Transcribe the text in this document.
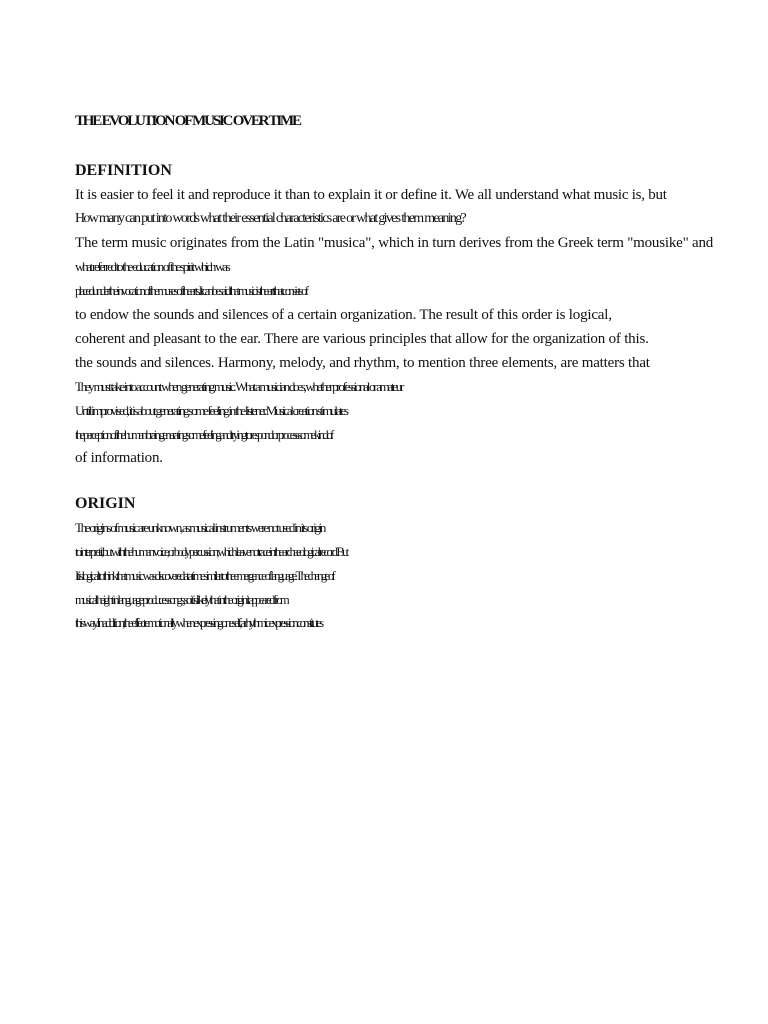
THE EVOLUTION OF MUSIC OVER TIME
DEFINITION
It is easier to feel it and reproduce it than to explain it or define it. We all understand what music is, but
How many can put into words what their essential characteristics are or what gives them meaning?
The term music originates from the Latin "musica", which in turn derives from the Greek term "mousike" and
what referred to the education of the spirit which was
placed under the invocation of the muses of the arts. It can be said that music is the art that consists of
to endow the sounds and silences of a certain organization. The result of this order is logical,
coherent and pleasant to the ear. There are various principles that allow for the organization of this.
the sounds and silences. Harmony, melody, and rhythm, to mention three elements, are matters that
They must take into account when generating music. What a musician does, whether professional or amateur
Until improvised, it is about generating some feeling in the listener. Musical creation stimulates
the perception of the human brain generating some feeling and trying to respond or process some kind of
of information.
ORIGIN
The origins of music are unknown, as musical instruments were not used in its origin
to interpret it, but with the human voice, or body percussion, which leave no trace in the archaeological record. But
It is logical to think that music was discovered at a time similar to the emergence of language. The change of
musical height in language produces songs, so it is likely that in the origin it appeared from
this way. In addition, the effect emotionally when expressing oneself, a rhythmic expression constitutes
